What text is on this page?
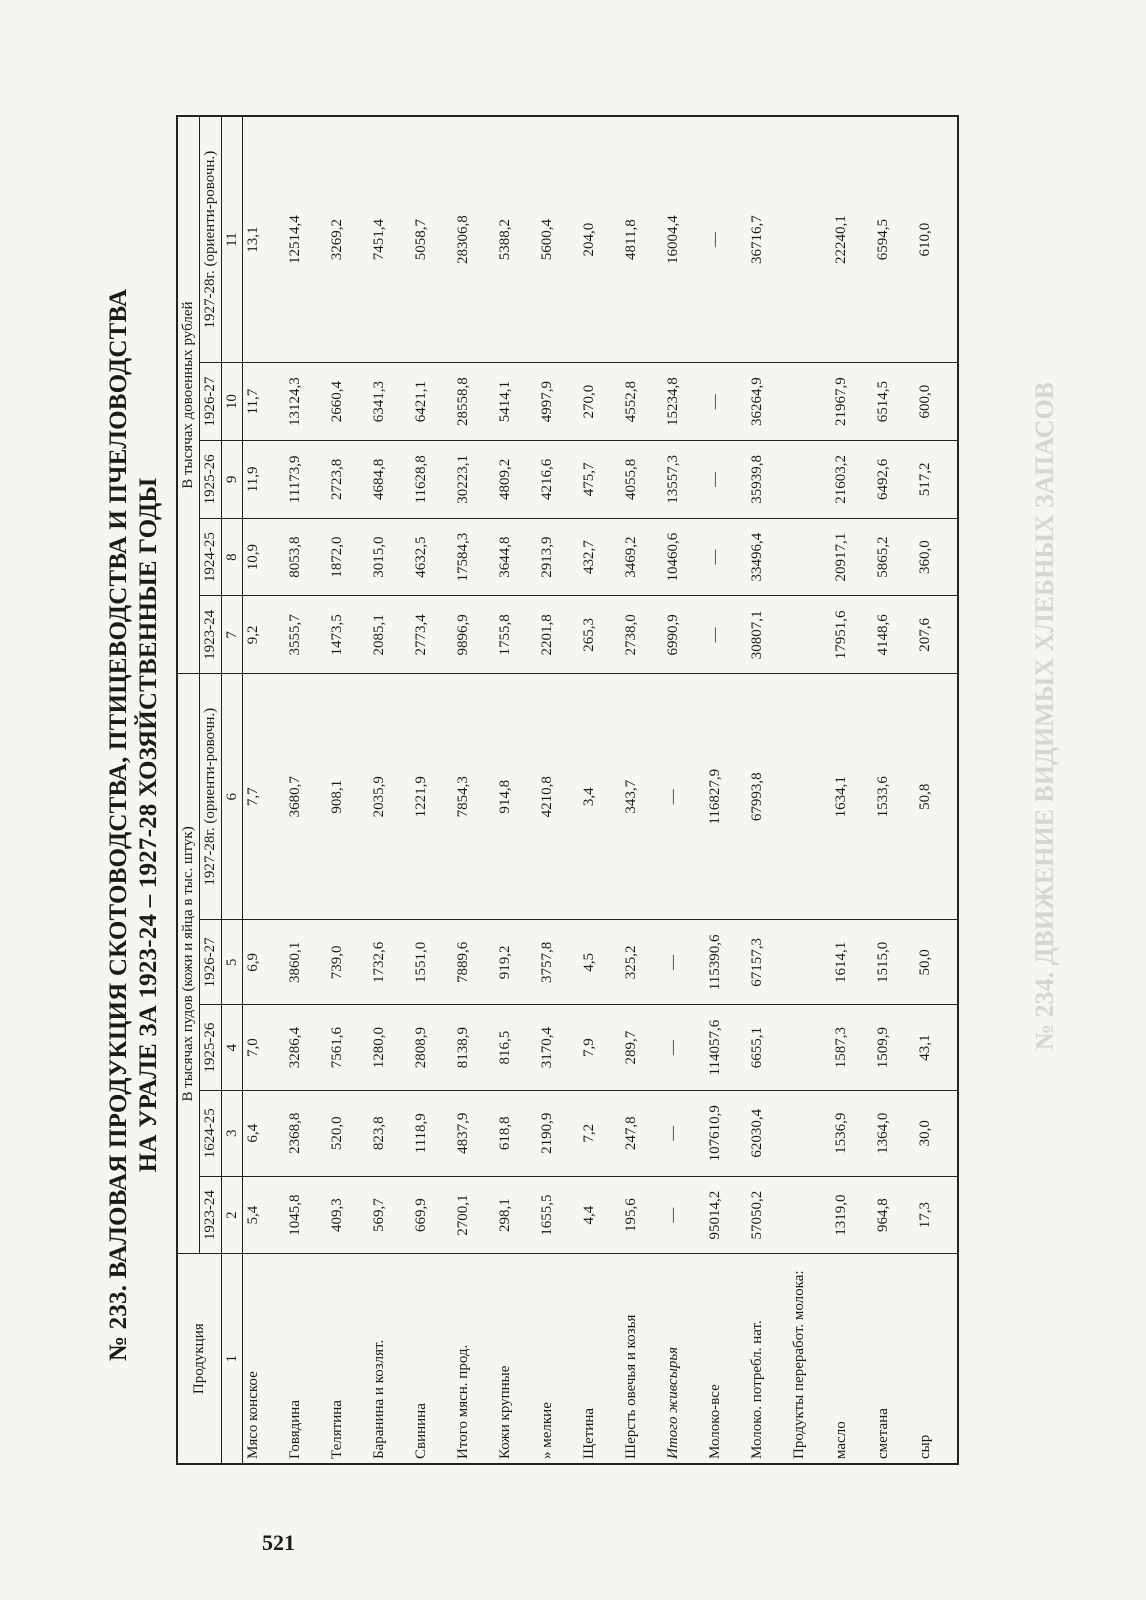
№ 234. ДВИЖЕНИЕ ВИДИМЫХ ХЛЕБНЫХ ЗАПАСОВ
521
№ 233. ВАЛОВАЯ ПРОДУКЦИЯ СКОТОВОДСТВА, ПТИЦЕВОДСТВА И ПЧЕЛОВОДСТВА НА УРАЛЕ ЗА 1923-24 – 1927-28 ХОЗЯЙСТВЕННЫЕ ГОДЫ
Продукция	В тысячах пудов (кожи и яйца в тыс. штук)					В тысячах довоенных рублей				
	1923-24	1624-25	1925-26	1926-27	1927-28г. (ориенти-ровочн.)	1923-24	1924-25	1925-26	1926-27	1927-28г. (ориенти-ровочн.)
1	2	3	4	5	6	7	8	9	10	11
Мясо конское	5,4	6,4	7,0	6,9	7,7	9,2	10,9	11,9	11,7	13,1
Говядина	1045,8	2368,8	3286,4	3860,1	3680,7	3555,7	8053,8	11173,9	13124,3	12514,4
Телятина	409,3	520,0	7561,6	739,0	908,1	1473,5	1872,0	2723,8	2660,4	3269,2
Баранина и козлят.	569,7	823,8	1280,0	1732,6	2035,9	2085,1	3015,0	4684,8	6341,3	7451,4
Свинина	669,9	1118,9	2808,9	1551,0	1221,9	2773,4	4632,5	11628,8	6421,1	5058,7
Итого мясн. прод.	2700,1	4837,9	8138,9	7889,6	7854,3	9896,9	17584,3	30223,1	28558,8	28306,8
Кожи крупные	298,1	618,8	816,5	919,2	914,8	1755,8	3644,8	4809,2	5414,1	5388,2
» мелкие	1655,5	2190,9	3170,4	3757,8	4210,8	2201,8	2913,9	4216,6	4997,9	5600,4
Щетина	4,4	7,2	7,9	4,5	3,4	265,3	432,7	475,7	270,0	204,0
Шерсть овечья и козья	195,6	247,8	289,7	325,2	343,7	2738,0	3469,2	4055,8	4552,8	4811,8
Итого живсырья	—	—	—	—	—	6990,9	10460,6	13557,3	15234,8	16004,4
Молоко-все	95014,2	107610,9	114057,6	115390,6	116827,9	—	—	—	—	—
Молоко. потребл. нат.	57050,2	62030,4	6655,1	67157,3	67993,8	30807,1	33496,4	35939,8	36264,9	36716,7
Продукты переработ. молока:										
масло	1319,0	1536,9	1587,3	1614,1	1634,1	17951,6	20917,1	21603,2	21967,9	22240,1
сметана	964,8	1364,0	1509,9	1515,0	1533,6	4148,6	5865,2	6492,6	6514,5	6594,5
сыр	17,3	30,0	43,1	50,0	50,8	207,6	360,0	517,2	600,0	610,0
